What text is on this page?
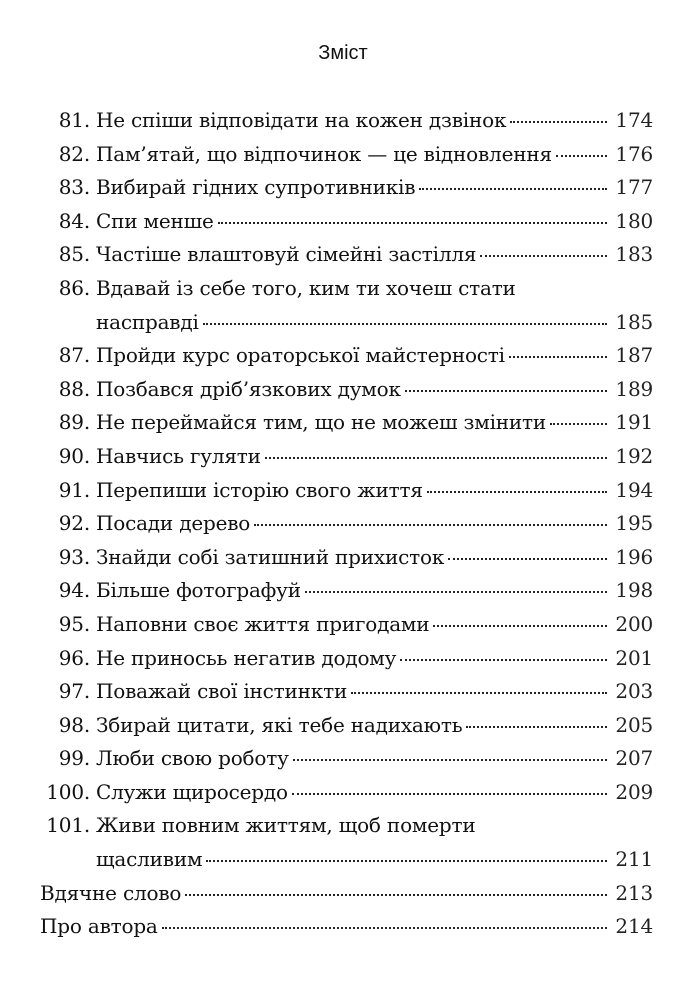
Зміст
81. Не спіши відповідати на кожен дзвінок	174
82. Пам’ятай, що відпочинок — це відновлення	176
83. Вибирай гідних супротивників	177
84. Спи менше	180
85. Частіше влаштовуй сімейні застілля	183
86. Вдавай із себе того, ким ти хочеш стати
насправді	185
87. Пройди курс ораторської майстерності	187
88. Позбався дріб’язкових думок	189
89. Не переймайся тим, що не можеш змінити	191
90. Навчись гуляти	192
91. Перепиши історію свого життя	194
92. Посади дерево	195
93. Знайди собі затишний прихисток	196
94. Більше фотографуй	198
95. Наповни своє життя пригодами	200
96. Не приносьь негатив додому	201
97. Поважай свої інстинкти	203
98. Збирай цитати, які тебе надихають	205
99. Люби свою роботу	207
100. Служи щиросердо	209
101. Живи повним життям, щоб померти
щасливим	211
Вдячне слово	213
Про автора	214
